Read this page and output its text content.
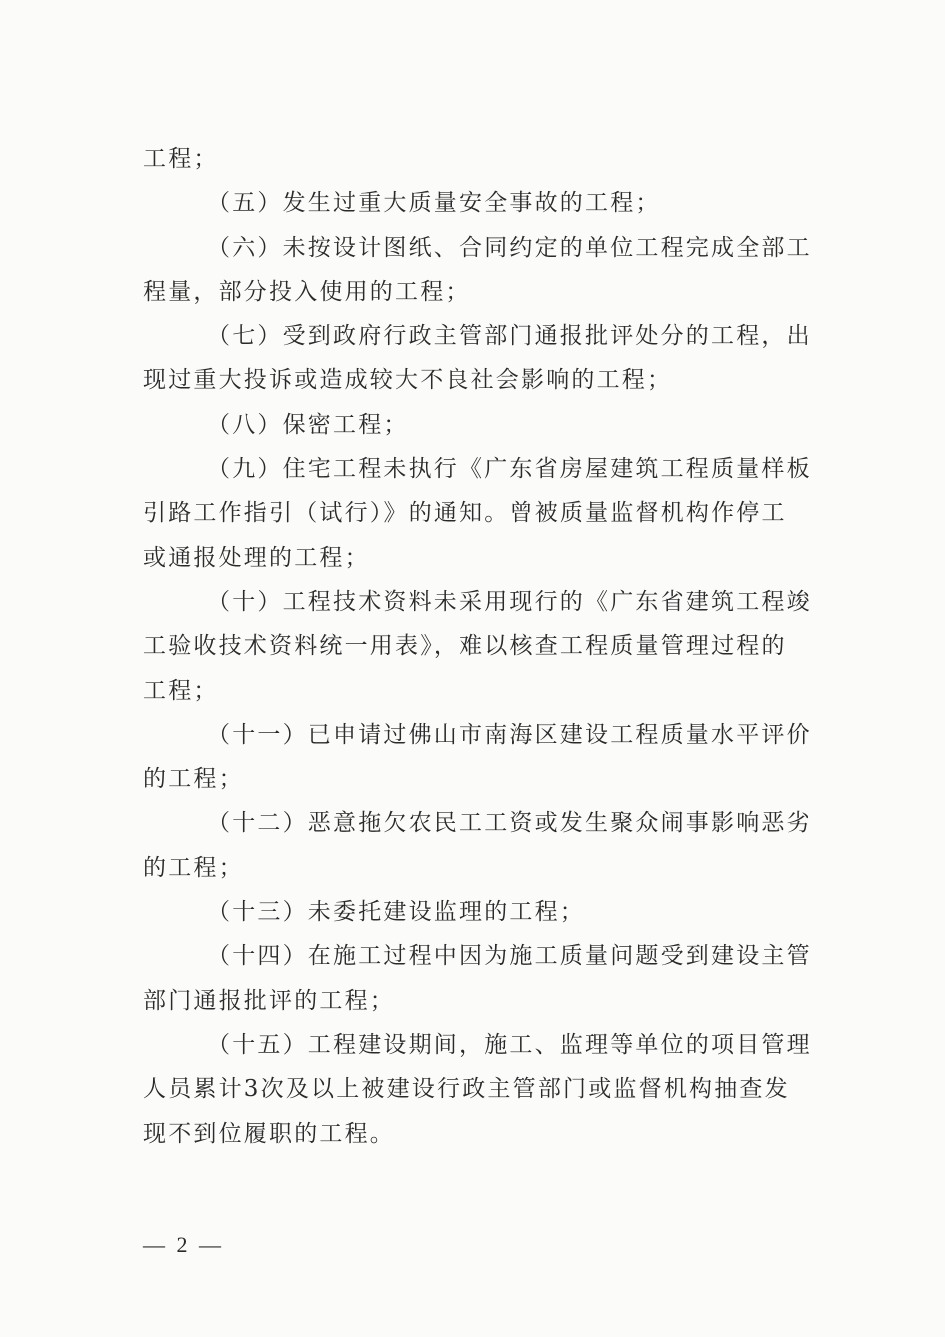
工程；
（五）发生过重大质量安全事故的工程；
（六）未按设计图纸、合同约定的单位工程完成全部工
程量，部分投入使用的工程；
（七）受到政府行政主管部门通报批评处分的工程，出
现过重大投诉或造成较大不良社会影响的工程；
（八）保密工程；
（九）住宅工程未执行《广东省房屋建筑工程质量样板
引路工作指引（试行）》的通知。曾被质量监督机构作停工
或通报处理的工程；
（十）工程技术资料未采用现行的《广东省建筑工程竣
工验收技术资料统一用表》，难以核查工程质量管理过程的
工程；
（十一）已申请过佛山市南海区建设工程质量水平评价
的工程；
（十二）恶意拖欠农民工工资或发生聚众闹事影响恶劣
的工程；
（十三）未委托建设监理的工程；
（十四）在施工过程中因为施工质量问题受到建设主管
部门通报批评的工程；
（十五）工程建设期间，施工、监理等单位的项目管理
人员累计3次及以上被建设行政主管部门或监督机构抽查发
现不到位履职的工程。
— 2 —
